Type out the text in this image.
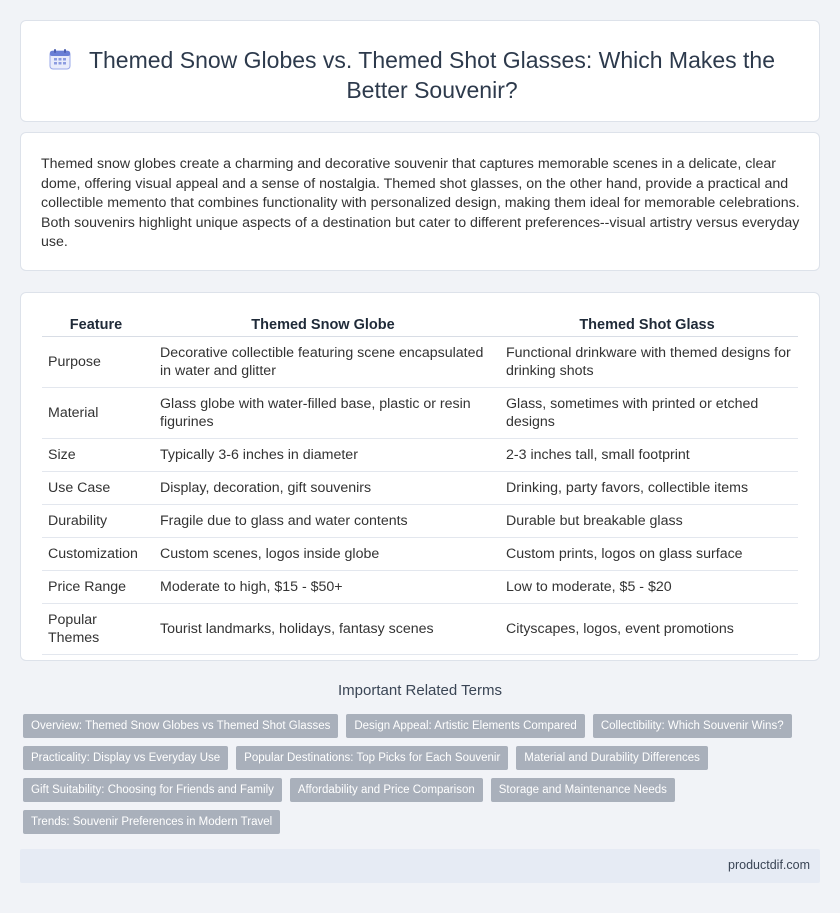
Themed Snow Globes vs. Themed Shot Glasses: Which Makes the Better Souvenir?

Themed snow globes create a charming and decorative souvenir that captures memorable scenes in a delicate, clear dome, offering visual appeal and a sense of nostalgia. Themed shot glasses, on the other hand, provide a practical and collectible memento that combines functionality with personalized design, making them ideal for memorable celebrations. Both souvenirs highlight unique aspects of a destination but cater to different preferences--visual artistry versus everyday use.

Feature	Themed Snow Globe	Themed Shot Glass
Purpose	Decorative collectible featuring scene encapsulated in water and glitter	Functional drinkware with themed designs for drinking shots
Material	Glass globe with water-filled base, plastic or resin figurines	Glass, sometimes with printed or etched designs
Size	Typically 3-6 inches in diameter	2-3 inches tall, small footprint
Use Case	Display, decoration, gift souvenirs	Drinking, party favors, collectible items
Durability	Fragile due to glass and water contents	Durable but breakable glass
Customization	Custom scenes, logos inside globe	Custom prints, logos on glass surface
Price Range	Moderate to high, $15 - $50+	Low to moderate, $5 - $20
Popular Themes	Tourist landmarks, holidays, fantasy scenes	Cityscapes, logos, event promotions
Important Related Terms
Overview: Themed Snow Globes vs Themed Shot Glasses	Design Appeal: Artistic Elements Compared	Collectibility: Which Souvenir Wins?
Practicality: Display vs Everyday Use	Popular Destinations: Top Picks for Each Souvenir	Material and Durability Differences
Gift Suitability: Choosing for Friends and Family	Affordability and Price Comparison	Storage and Maintenance Needs
Trends: Souvenir Preferences in Modern Travel
productdif.com
